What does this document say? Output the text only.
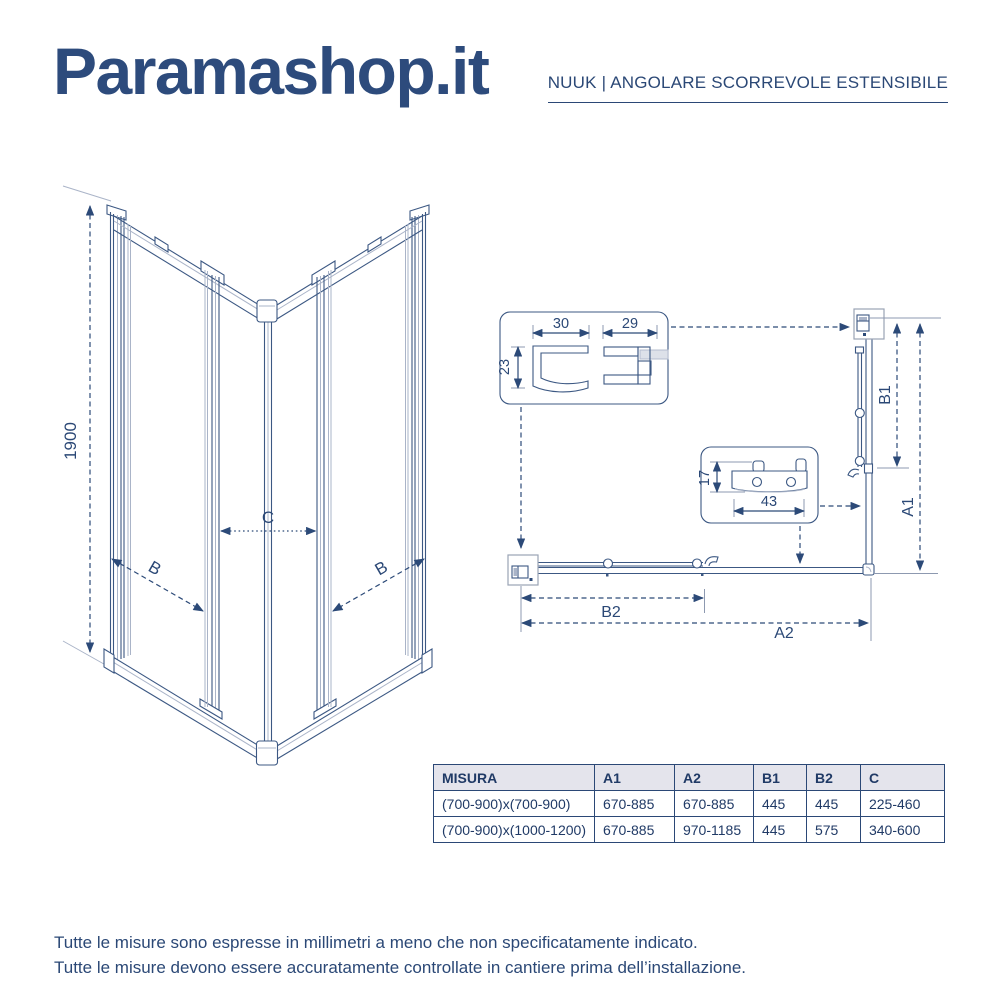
Paramashop.it	NUUK | ANGOLARE SCORREVOLE ESTENSIBILE
1900
C
B	B
30	29
23
17
43
B1
A1
B2
A2
MISURA	A1	A2	B1	B2	C
(700-900)x(700-900)	670-885	670-885	445	445	225-460
(700-900)x(1000-1200)	670-885	970-1185	445	575	340-600

Tutte le misure sono espresse in millimetri a meno che non specificatamente indicato.

Tutte le misure devono essere accuratamente controllate in cantiere prima dell’installazione.
